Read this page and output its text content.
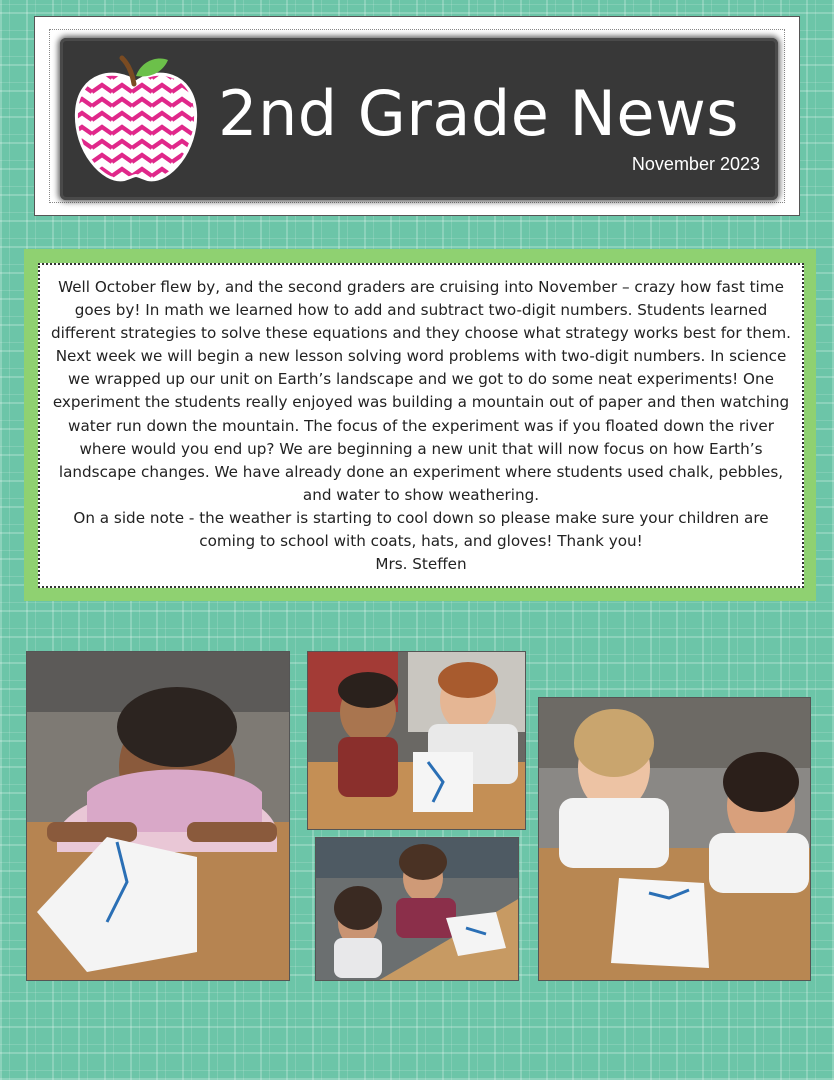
2nd Grade News
November 2023

Well October flew by, and the second graders are cruising into November – crazy how fast time goes by! In math we learned how to add and subtract two-digit numbers. Students learned different strategies to solve these equations and they choose what strategy works best for them. Next week we will begin a new lesson solving word problems with two-digit numbers. In science we wrapped up our unit on Earth’s landscape and we got to do some neat experiments! One experiment the students really enjoyed was building a mountain out of paper and then watching water run down the mountain. The focus of the experiment was if you floated down the river where would you end up? We are beginning a new unit that will now focus on how Earth’s landscape changes. We have already done an experiment where students used chalk, pebbles, and water to show weathering.

On a side note - the weather is starting to cool down so please make sure your children are coming to school with coats, hats, and gloves! Thank you!

Mrs. Steffen
